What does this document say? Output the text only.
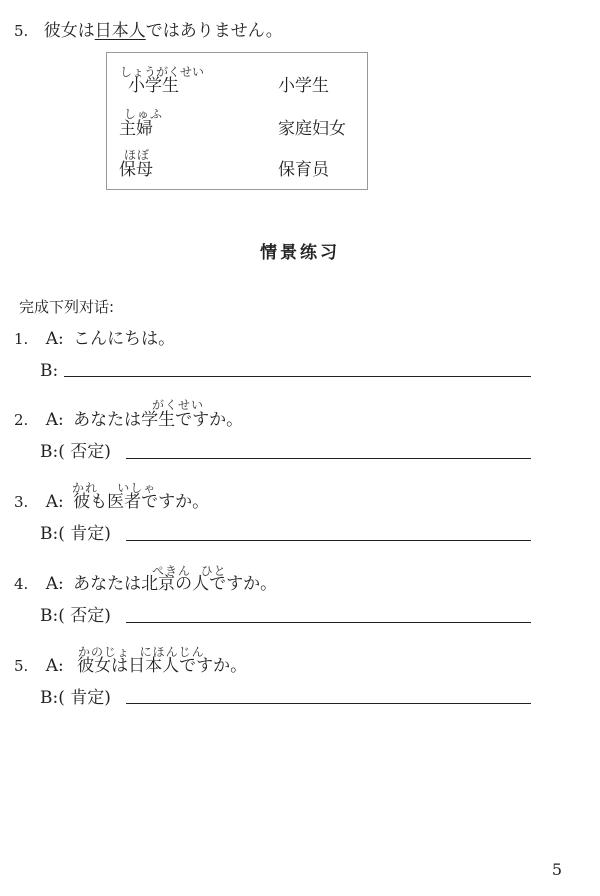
5. 彼女は日本人ではありません。
しょうがくせい
小学生	小学生
しゅふ
主婦	家庭妇女
ほぼ
保母	保育员
情景练习
完成下列对话:
1. A: こんにちは。
B:
がくせい
2. A: あなたは学生ですか。
B:( 否定)
かれ    いしゃ
3. A: 彼も医者ですか。
B:( 肯定)
ぺきん  ひと
4. A: あなたは北京の人ですか。
B:( 否定)
かのじょ  にほんじん
5. A: 彼女は日本人ですか。
B:( 肯定)
5
